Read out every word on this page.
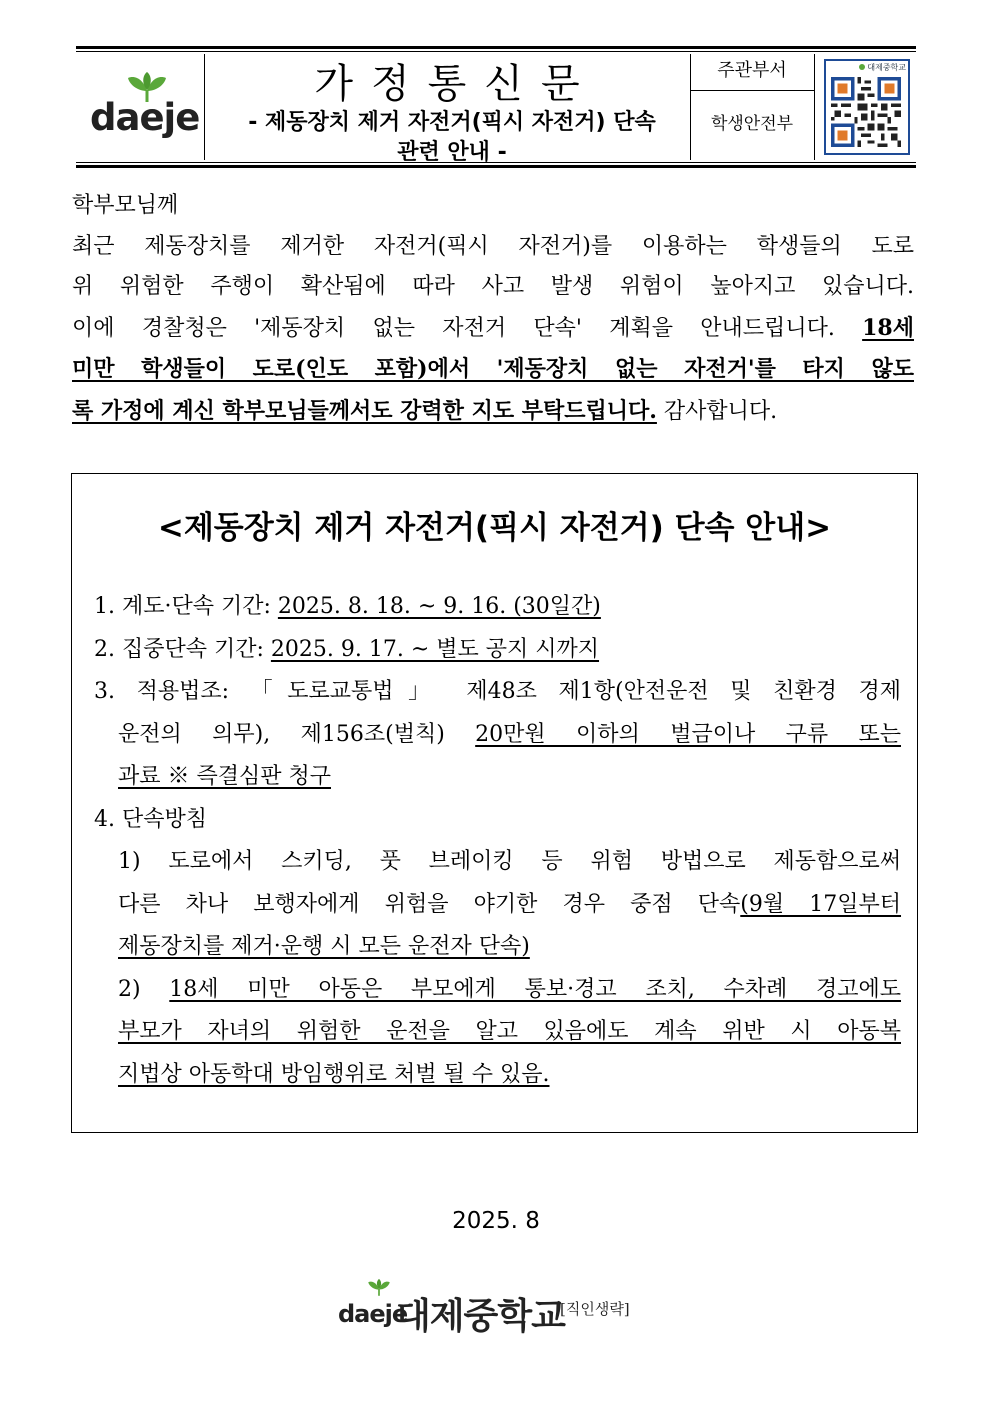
daeje
가정통신문
- 제동장치 제거 자전거(픽시 자전거) 단속
관련 안내 -
주관부서
학생안전부
대제중학교

학부모님께

최근 제동장치를 제거한 자전거(픽시 자전거)를 이용하는 학생들의 도로

위 위험한 주행이 확산됨에 따라 사고 발생 위험이 높아지고 있습니다.

이에 경찰청은 '제동장치 없는 자전거 단속' 계획을 안내드립니다. 18세

미만 학생들이 도로(인도 포함)에서 '제동장치 없는 자전거'를 타지 않도

록 가정에 계신 학부모님들께서도 강력한 지도 부탁드립니다. 감사합니다.

<제동장치 제거 자전거(픽시 자전거) 단속 안내>
1. 계도·단속 기간: 2025. 8. 18. ~ 9. 16. (30일간)
2. 집중단속 기간: 2025. 9. 17. ~ 별도 공지 시까지
3. 적용법조: 「도로교통법」 제48조 제1항(안전운전 및 친환경 경제
운전의 의무), 제156조(벌칙) 20만원 이하의 벌금이나 구류 또는
과료 ※ 즉결심판 청구
4. 단속방침
1) 도로에서 스키딩, 풋 브레이킹 등 위험 방법으로 제동함으로써
다른 차나 보행자에게 위험을 야기한 경우 중점 단속(9월 17일부터
제동장치를 제거·운행 시 모든 운전자 단속)
2) 18세 미만 아동은 부모에게 통보·경고 조치, 수차례 경고에도
부모가 자녀의 위험한 운전을 알고 있음에도 계속 위반 시 아동복
지법상 아동학대 방임행위로 처벌 될 수 있음.
2025. 8
daeje
대제중학교
[직인생략]
